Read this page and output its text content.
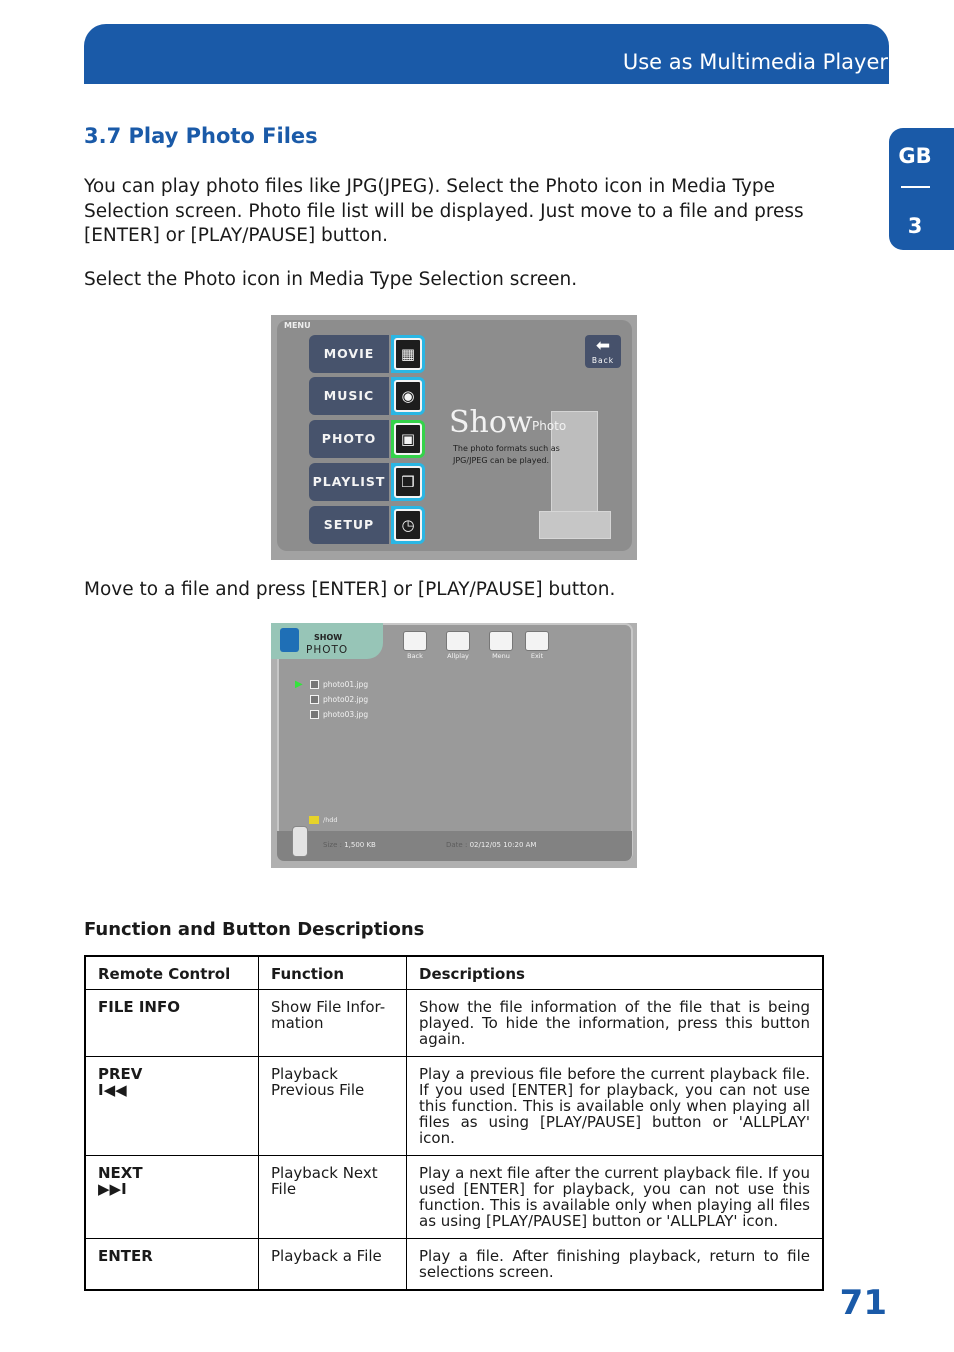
Use as Multimedia Player
GB
3
3.7 Play Photo Files

You can play photo files like JPG(JPEG). Select the Photo icon in Media Type Selection screen. Photo file list will be displayed. Just move to a file and press [ENTER] or [PLAY/PAUSE] button.

Select the Photo icon in Media Type Selection screen.

MENU
MOVIE	▦
MUSIC	◉
PHOTO	▣
PLAYLIST	❒
SETUP	◷
⬅
Back
Show Photo
The photo formats such as JPG/JPEG can be played.

Move to a file and press [ENTER] or [PLAY/PAUSE] button.

SHOW
PHOTO	Back	Allplay	Menu	Exit
▶	photo01.jpg
photo02.jpg
photo03.jpg
/hdd
Size : 1,500 KB	Date : 02/12/05 10:20 AM
Function and Button Descriptions
Remote Control	Function	Descriptions
FILE INFO	Show File Infor-mation	Show the file information of the file that is being played. To hide the information, press this button again.
PREV
I◀◀	Playback Previous File	Play a previous file before the current playback file. If you used [ENTER] for playback, you can not use this function. This is available only when playing all files as using [PLAY/PAUSE] button or 'ALLPLAY' icon.
NEXT
▶▶I	Playback Next File	Play a next file after the current playback file. If you used [ENTER] for playback, you can not use this function. This is available only when playing all files as using [PLAY/PAUSE] button or 'ALLPLAY' icon.
ENTER	Playback a File	Play a file. After finishing playback, return to file selections screen.
71
